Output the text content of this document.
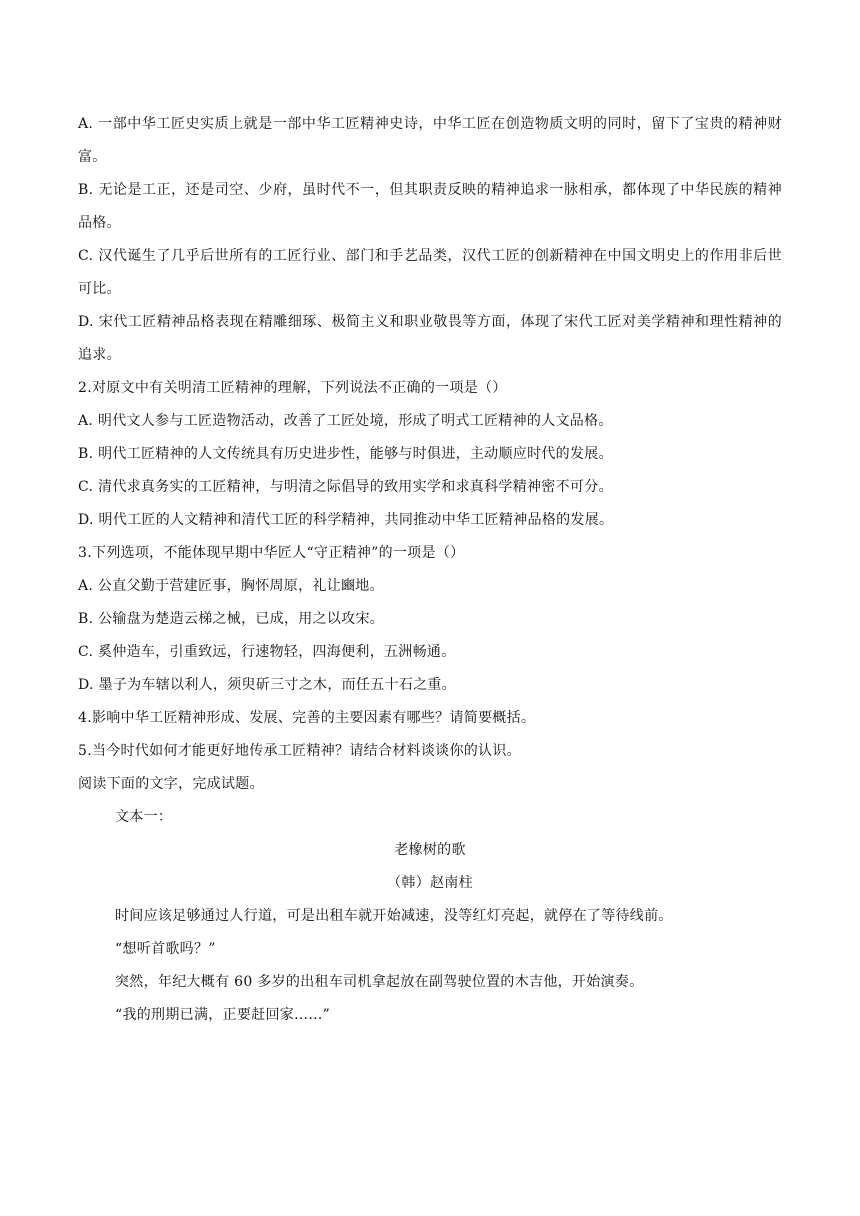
A. 一部中华工匠史实质上就是一部中华工匠精神史诗，中华工匠在创造物质文明的同时，留下了宝贵的精神财富。

B. 无论是工正，还是司空、少府，虽时代不一，但其职责反映的精神追求一脉相承，都体现了中华民族的精神品格。

C. 汉代诞生了几乎后世所有的工匠行业、部门和手艺品类，汉代工匠的创新精神在中国文明史上的作用非后世可比。

D. 宋代工匠精神品格表现在精雕细琢、极简主义和职业敬畏等方面，体现了宋代工匠对美学精神和理性精神的追求。

2.对原文中有关明清工匠精神的理解，下列说法不正确的一项是（）

A. 明代文人参与工匠造物活动，改善了工匠处境，形成了明式工匠精神的人文品格。

B. 明代工匠精神的人文传统具有历史进步性，能够与时俱进，主动顺应时代的发展。

C. 清代求真务实的工匠精神，与明清之际倡导的致用实学和求真科学精神密不可分。

D. 明代工匠的人文精神和清代工匠的科学精神，共同推动中华工匠精神品格的发展。

3.下列选项，不能体现早期中华匠人“守正精神”的一项是（）

A. 公直父勤于营建匠事，胸怀周原，礼让豳地。

B. 公输盘为楚造云梯之械，已成，用之以攻宋。

C. 奚仲造车，引重致远，行速物轻，四海便利，五洲畅通。

D. 墨子为车辖以利人，须臾斫三寸之木，而任五十石之重。

4.影响中华工匠精神形成、发展、完善的主要因素有哪些？请简要概括。

5.当今时代如何才能更好地传承工匠精神？请结合材料谈谈你的认识。

阅读下面的文字，完成试题。

文本一：

老橡树的歌

（韩）赵南柱

时间应该足够通过人行道，可是出租车就开始减速，没等红灯亮起，就停在了等待线前。

“想听首歌吗？”

突然，年纪大概有 60 多岁的出租车司机拿起放在副驾驶位置的木吉他，开始演奏。

“我的刑期已满，正要赶回家……”
